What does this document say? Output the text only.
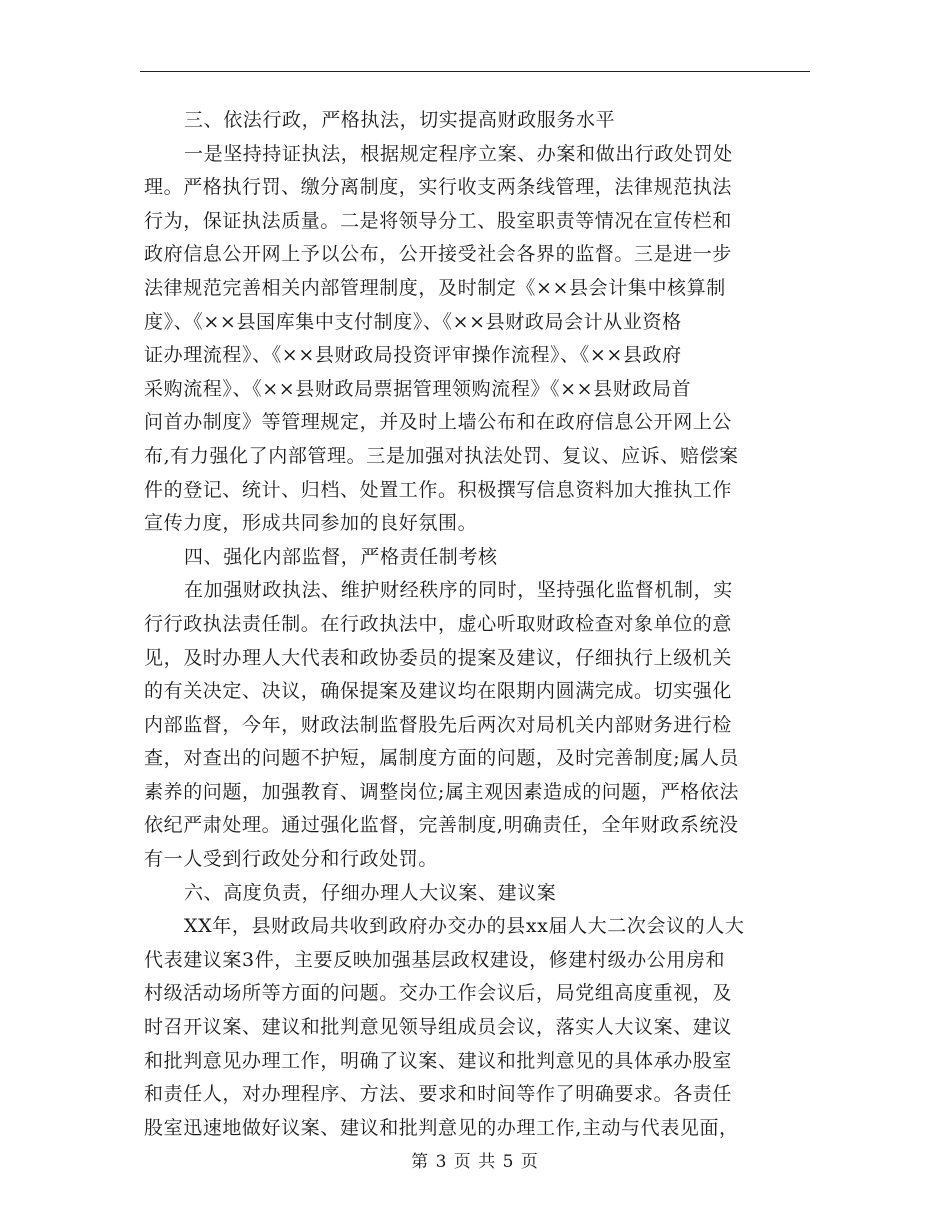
三、依法行政，严格执法，切实提高财政服务水平
一是坚持持证执法，根据规定程序立案、办案和做出行政处罚处
理。严格执行罚、缴分离制度，实行收支两条线管理，法律规范执法
行为，保证执法质量。二是将领导分工、股室职责等情况在宣传栏和
政府信息公开网上予以公布，公开接受社会各界的监督。三是进一步
法律规范完善相关内部管理制度，及时制定《××县会计集中核算制
度》、《××县国库集中支付制度》、《××县财政局会计从业资格
证办理流程》、《××县财政局投资评审操作流程》、《××县政府
采购流程》、《××县财政局票据管理领购流程》《××县财政局首
问首办制度》等管理规定，并及时上墙公布和在政府信息公开网上公
布,有力强化了内部管理。三是加强对执法处罚、复议、应诉、赔偿案
件的登记、统计、归档、处置工作。积极撰写信息资料加大推执工作
宣传力度，形成共同参加的良好氛围。
四、强化内部监督，严格责任制考核
在加强财政执法、维护财经秩序的同时，坚持强化监督机制，实
行行政执法责任制。在行政执法中，虚心听取财政检查对象单位的意
见，及时办理人大代表和政协委员的提案及建议，仔细执行上级机关
的有关决定、决议，确保提案及建议均在限期内圆满完成。切实强化
内部监督，今年，财政法制监督股先后两次对局机关内部财务进行检
查，对查出的问题不护短，属制度方面的问题，及时完善制度;属人员
素养的问题，加强教育、调整岗位;属主观因素造成的问题，严格依法
依纪严肃处理。通过强化监督，完善制度,明确责任，全年财政系统没
有一人受到行政处分和行政处罚。
六、高度负责，仔细办理人大议案、建议案
XX年，县财政局共收到政府办交办的县xx届人大二次会议的人大
代表建议案3件，主要反映加强基层政权建设，修建村级办公用房和
村级活动场所等方面的问题。交办工作会议后，局党组高度重视，及
时召开议案、建议和批判意见领导组成员会议，落实人大议案、建议
和批判意见办理工作，明确了议案、建议和批判意见的具体承办股室
和责任人，对办理程序、方法、要求和时间等作了明确要求。各责任
股室迅速地做好议案、建议和批判意见的办理工作,主动与代表见面，
第 3 页 共 5 页
